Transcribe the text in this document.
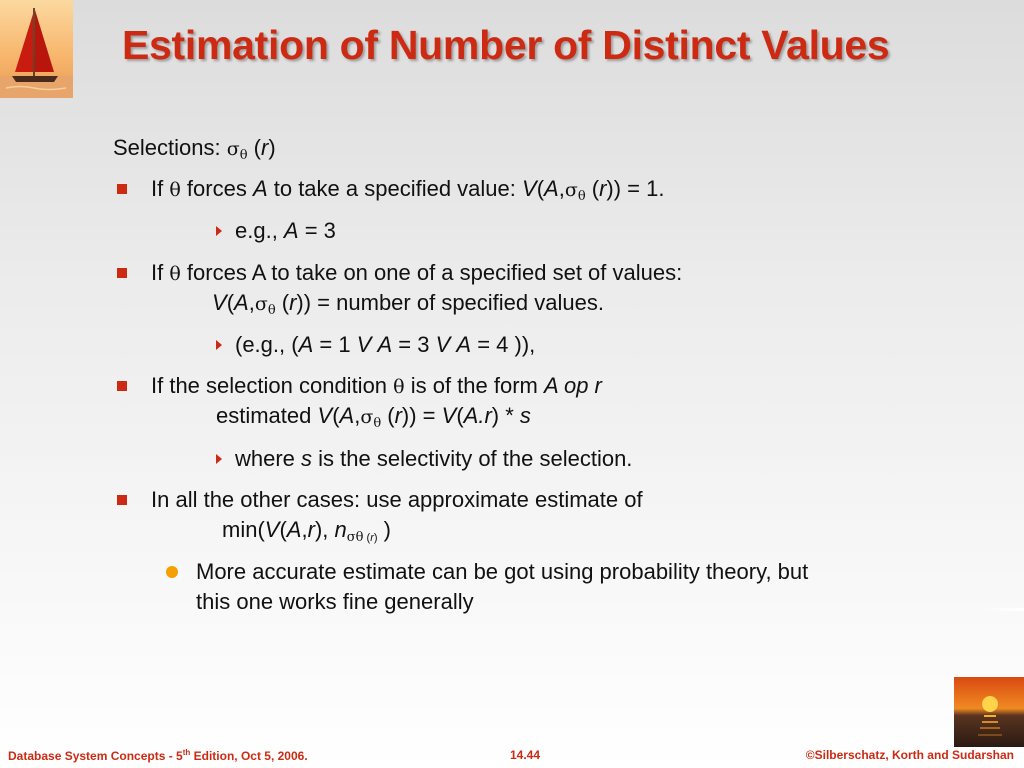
Estimation of Number of Distinct Values
Selections: $\sigma_\theta$ (r)
If θ forces A to take a specified value: $V(A,\sigma_\theta$ (r)) = 1.
e.g., A = 3
If θ forces A to take on one of a specified set of values:
$V(A,\sigma_\theta$ (r)) = number of specified values.
(e.g., (A = 1 V A = 3 V A = 4 )),
If the selection condition θ is of the form A op r
estimated $V(A,\sigma_\theta$ (r)) = V(A.r) * s
where s is the selectivity of the selection.
In all the other cases: use approximate estimate of
min(V(A,r), $n_{\sigma\theta}$ (r) )
More accurate estimate can be got using probability theory, but
this one works fine generally
Database System Concepts - 5th Edition, Oct 5, 2006.	14.44	©Silberschatz, Korth and Sudarshan
